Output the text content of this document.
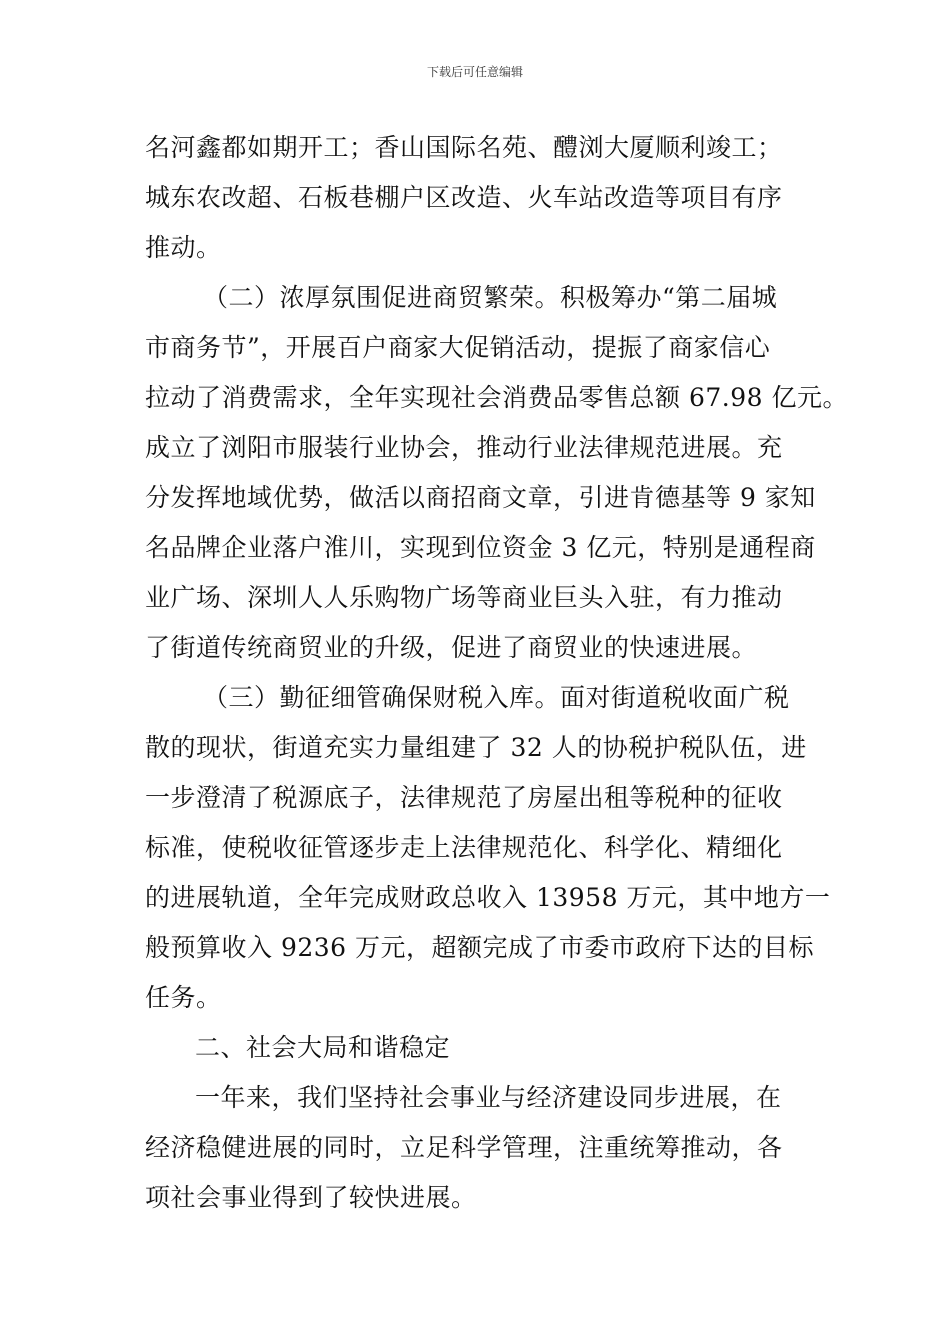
下载后可任意编辑
名河鑫都如期开工；香山国际名苑、醴浏大厦顺利竣工；
城东农改超、石板巷棚户区改造、火车站改造等项目有序
推动。
（二）浓厚氛围促进商贸繁荣。积极筹办“第二届城
市商务节”，开展百户商家大促销活动，提振了商家信心
拉动了消费需求，全年实现社会消费品零售总额 67.98 亿元。
成立了浏阳市服装行业协会，推动行业法律规范进展。充
分发挥地域优势，做活以商招商文章，引进肯德基等 9 家知
名品牌企业落户淮川，实现到位资金 3 亿元，特别是通程商
业广场、深圳人人乐购物广场等商业巨头入驻，有力推动
了街道传统商贸业的升级，促进了商贸业的快速进展。
（三）勤征细管确保财税入库。面对街道税收面广税
散的现状，街道充实力量组建了 32 人的协税护税队伍，进
一步澄清了税源底子，法律规范了房屋出租等税种的征收
标准，使税收征管逐步走上法律规范化、科学化、精细化
的进展轨道，全年完成财政总收入 13958 万元，其中地方一
般预算收入 9236 万元，超额完成了市委市政府下达的目标
任务。
二、社会大局和谐稳定
一年来，我们坚持社会事业与经济建设同步进展，在
经济稳健进展的同时，立足科学管理，注重统筹推动，各
项社会事业得到了较快进展。
